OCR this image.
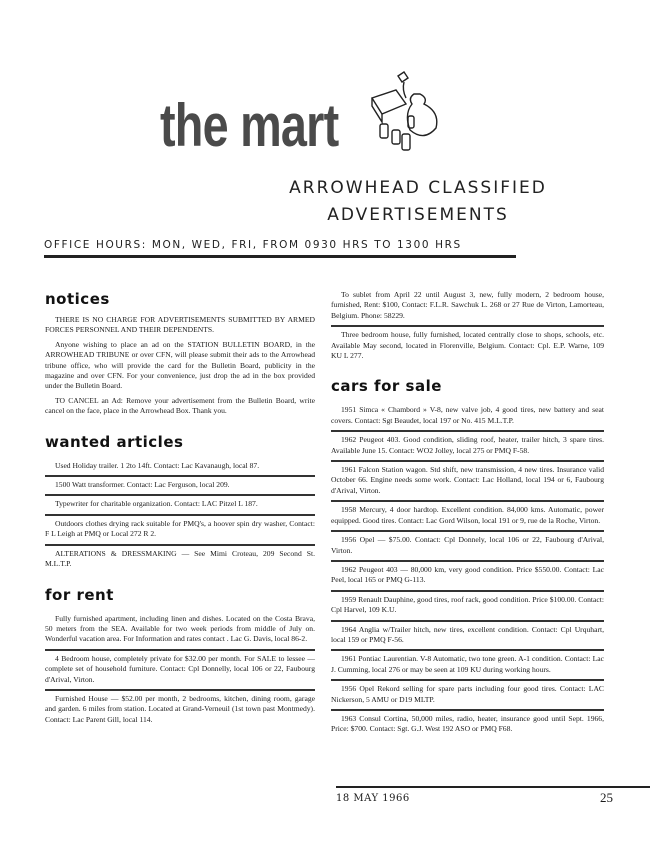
the mart
ARROWHEAD CLASSIFIED
ADVERTISEMENTS
OFFICE HOURS: MON, WED, FRI, FROM 0930 HRS TO 1300 HRS
notices

THERE IS NO CHARGE FOR ADVERTISEMENTS SUBMITTED BY ARMED FORCES PERSONNEL AND THEIR DEPENDENTS.

Anyone wishing to place an ad on the STATION BULLETIN BOARD, in the ARROWHEAD TRIBUNE or over CFN, will please submit their ads to the Arrowhead tribune office, who will provide the card for the Bulletin Board, publicity in the magazine and over CFN. For your convenience, just drop the ad in the box provided under the Bulletin Board.

TO CANCEL an Ad: Remove your advertisement from the Bulletin Board, write cancel on the face, place in the Arrowhead Box. Thank you.

wanted articles

Used Holiday trailer. 1 2to 14ft. Contact: Lac Kavanaugh, local 87.

1500 Watt transformer. Contact: Lac Ferguson, local 209.

Typewriter for charitable organization. Contact: LAC Pitzel L 187.

Outdoors clothes drying rack suitable for PMQ's, a hoover spin dry washer, Contact: F L Leigh at PMQ or Local 272 R 2.

ALTERATIONS & DRESSMAKING — See Mimi Croteau, 209 Second St. M.L.T.P.

for rent

Fully furnished apartment, including linen and dishes. Located on the Costa Brava, 50 meters from the SEA. Available for two week periods from middle of July on. Wonderful vacation area. For Information and rates contact . Lac G. Davis, local 86-2.

4 Bedroom house, completely private for $32.00 per month. For SALE to lessee — complete set of household furniture. Contact: Cpl Donnelly, local 106 or 22, Faubourg d'Arival, Virton.

Furnished House — $52.00 per month, 2 bedrooms, kitchen, dining room, garage and garden. 6 miles from station. Located at Grand-Verneuil (1st town past Montmedy). Contact: Lac Parent Gill, local 114.

To sublet from April 22 until August 3, new, fully modern, 2 bedroom house, furnished, Rent: $100, Contact: F.L.R. Sawchuk L. 268 or 27 Rue de Virton, Lamorteau, Belgium. Phone: 58229.

Three bedroom house, fully furnished, located centrally close to shops, schools, etc. Available May second, located in Florenville, Belgium. Contact: Cpl. E.P. Warne, 109 KU L 277.

cars for sale

1951 Simca « Chambord » V-8, new valve job, 4 good tires, new battery and seat covers. Contact: Sgt Beaudet, local 197 or No. 415 M.L.T.P.

1962 Peugeot 403. Good condition, sliding roof, heater, trailer hitch, 3 spare tires. Available June 15. Contact: WO2 Jolley, local 275 or PMQ F-58.

1961 Falcon Station wagon. Std shift, new transmission, 4 new tires. Insurance valid October 66. Engine needs some work. Contact: Lac Holland, local 194 or 6, Faubourg d'Arival, Virton.

1958 Mercury, 4 door hardtop. Excellent condition. 84,000 kms. Automatic, power equipped. Good tires. Contact: Lac Gord Wilson, local 191 or 9, rue de la Roche, Virton.

1956 Opel — $75.00. Contact: Cpl Donnely, local 106 or 22, Faubourg d'Arival, Virton.

1962 Peugeot 403 — 80,000 km, very good condition. Price $550.00. Contact: Lac Peel, local 165 or PMQ G-113.

1959 Renault Dauphine, good tires, roof rack, good condition. Price $100.00. Contact: Cpl Harvel, 109 K.U.

1964 Anglia w/Trailer hitch, new tires, excellent condition. Contact: Cpl Urquhart, local 159 or PMQ F-56.

1961 Pontiac Laurentian. V-8 Automatic, two tone green. A-1 condition. Contact: Lac J. Cumming, local 276 or may be seen at 109 KU during working hours.

1956 Opel Rekord selling for spare parts including four good tires. Contact: LAC Nickerson, 5 AMU or D19 MLTP.

1963 Consul Cortina, 50,000 miles, radio, heater, insurance good until Sept. 1966, Price: $700. Contact: Sgt. G.J. West 192 ASO or PMQ F68.

18 MAY 1966	25
